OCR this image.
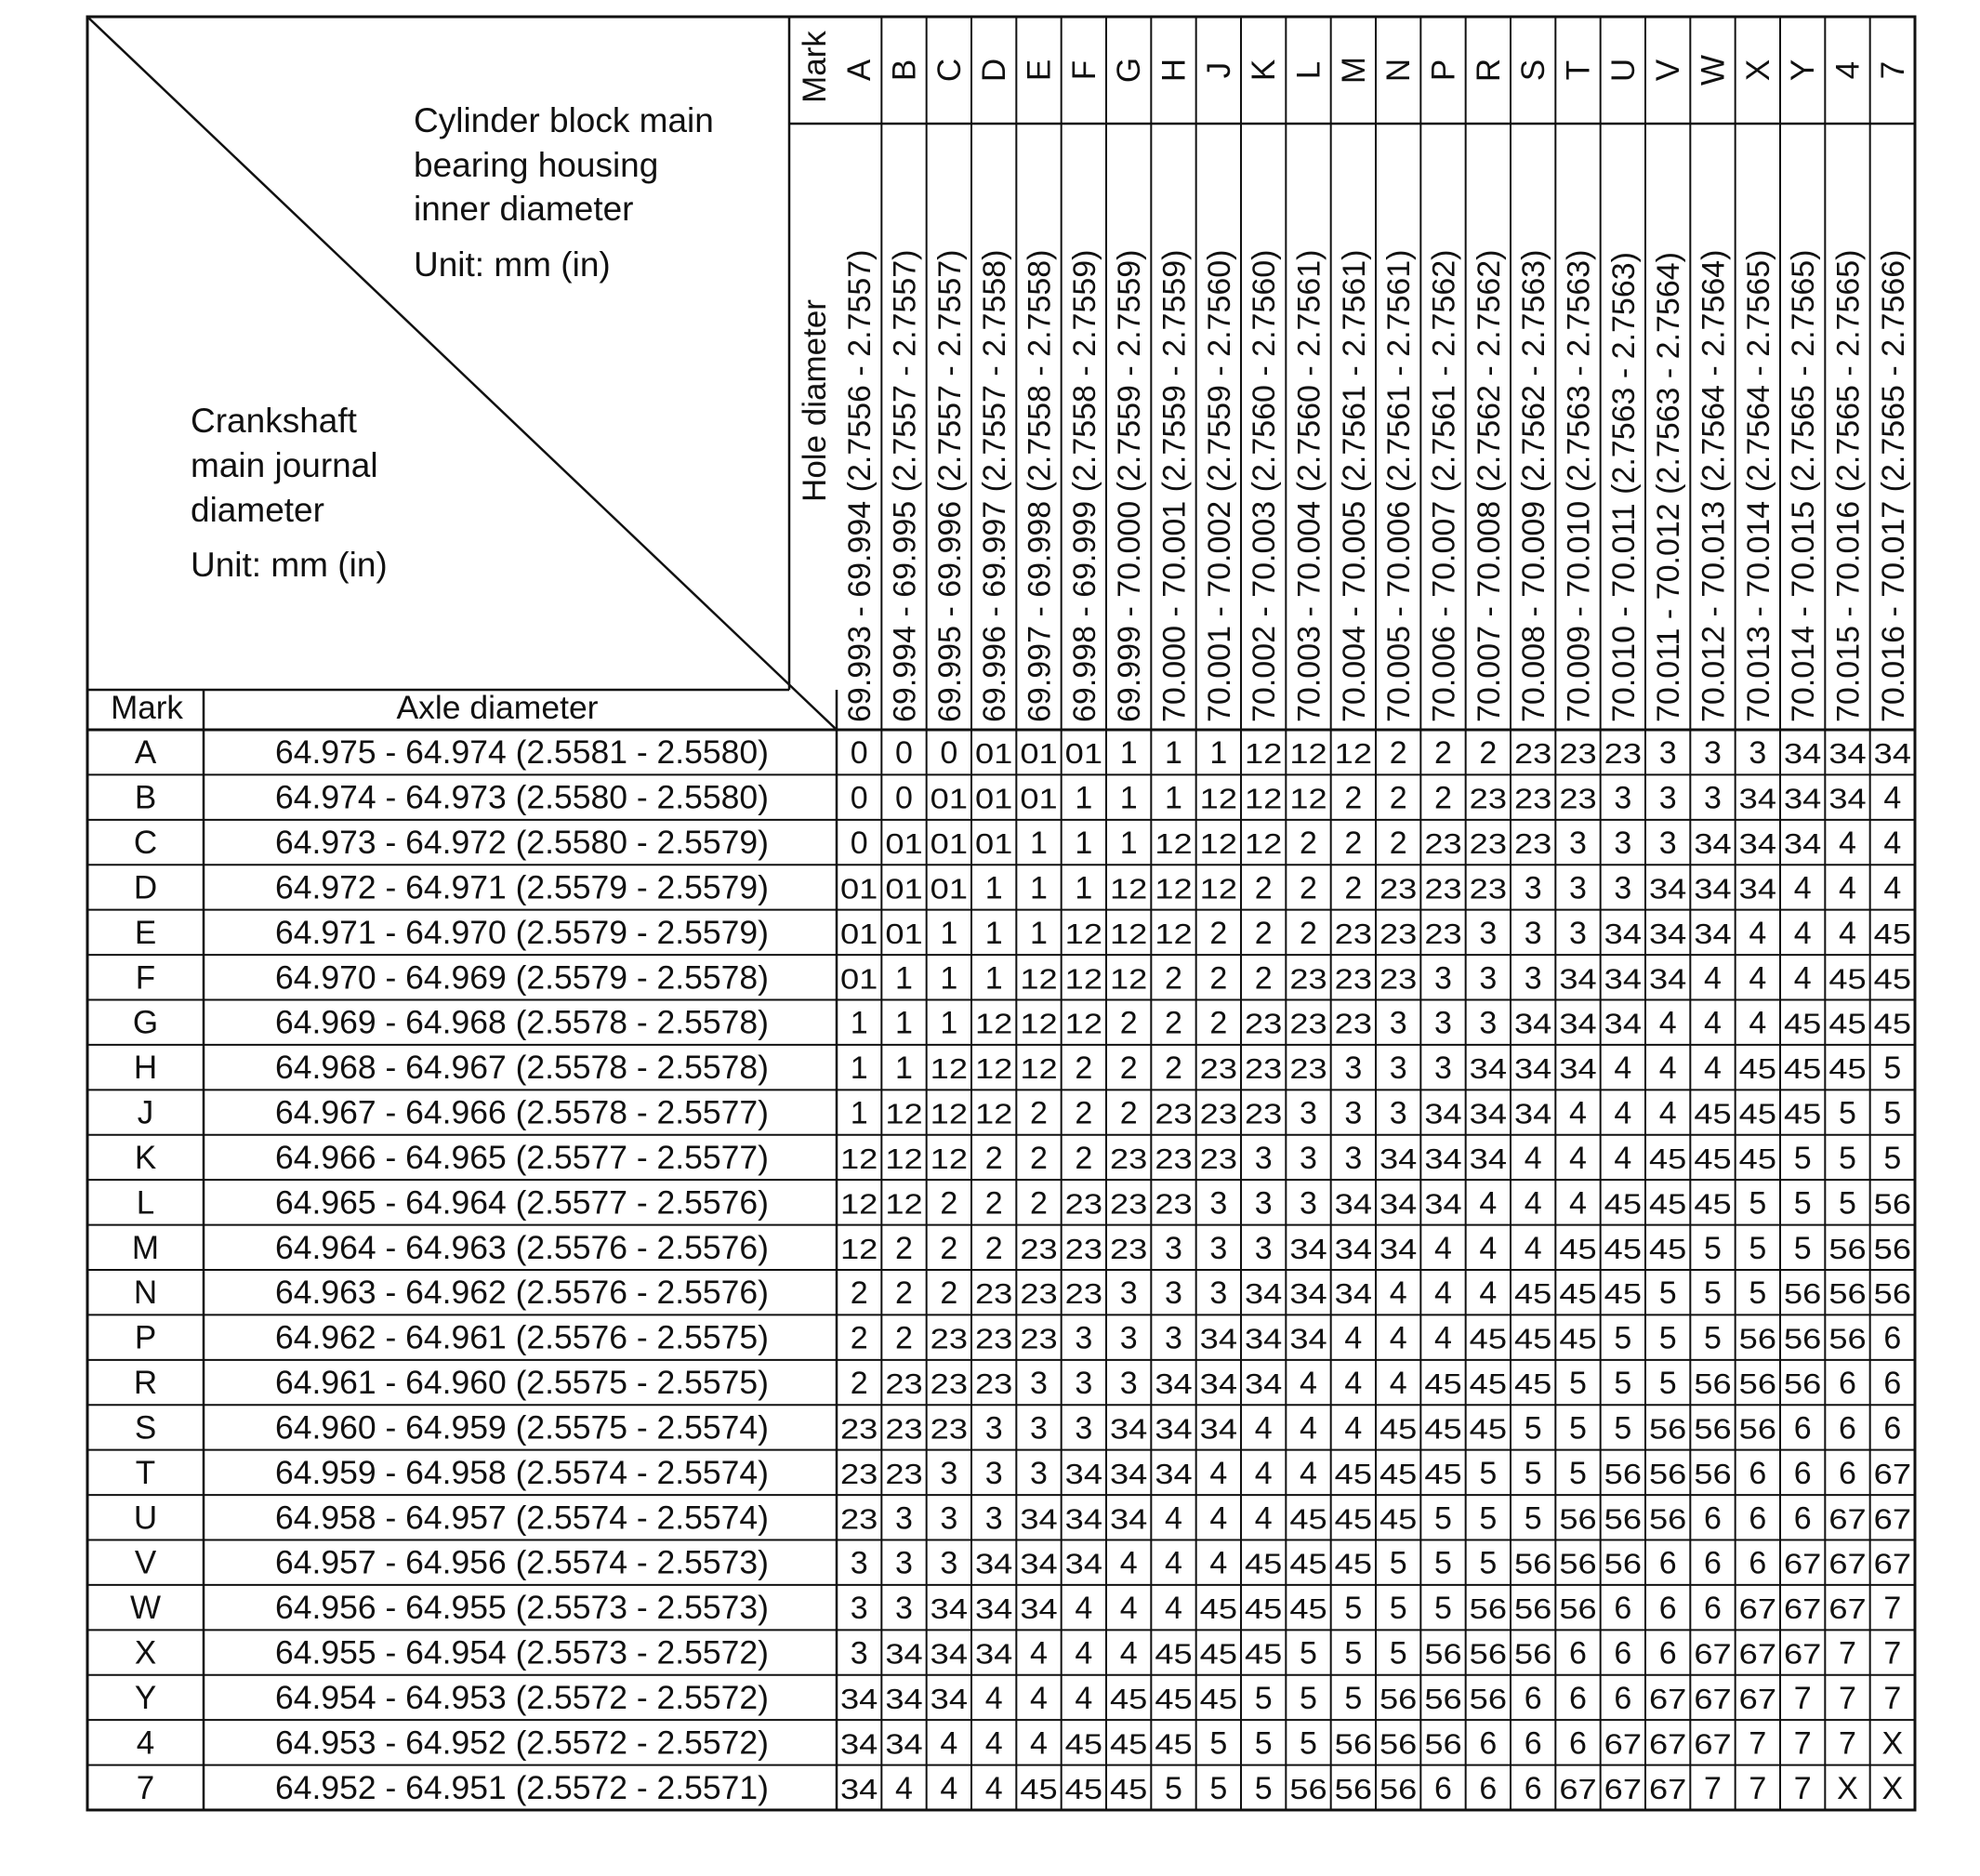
Cylinder block main
bearing housing
inner diameter
Unit: mm (in)
Crankshaft
main journal
diameter
Unit: mm (in)
Mark
Hole diameter
Mark	Axle diameter
A B C D E F G H J K L M N P R S T U V W X Y 4 7
69.993 - 69.994 (2.7556 - 2.7557) 69.994 - 69.995 (2.7557 - 2.7557) 69.995 - 69.996 (2.7557 - 2.7557) 69.996 - 69.997 (2.7557 - 2.7558) 69.997 - 69.998 (2.7558 - 2.7558) 69.998 - 69.999 (2.7558 - 2.7559) 69.999 - 70.000 (2.7559 - 2.7559) 70.000 - 70.001 (2.7559 - 2.7559) 70.001 - 70.002 (2.7559 - 2.7560) 70.002 - 70.003 (2.7560 - 2.7560) 70.003 - 70.004 (2.7560 - 2.7561) 70.004 - 70.005 (2.7561 - 2.7561) 70.005 - 70.006 (2.7561 - 2.7561) 70.006 - 70.007 (2.7561 - 2.7562) 70.007 - 70.008 (2.7562 - 2.7562) 70.008 - 70.009 (2.7562 - 2.7563) 70.009 - 70.010 (2.7563 - 2.7563) 70.010 - 70.011 (2.7563 - 2.7563) 70.011 - 70.012 (2.7563 - 2.7564) 70.012 - 70.013 (2.7564 - 2.7564) 70.013 - 70.014 (2.7564 - 2.7565) 70.014 - 70.015 (2.7565 - 2.7565) 70.015 - 70.016 (2.7565 - 2.7565) 70.016 - 70.017 (2.7565 - 2.7566)
A
B
C
D
E
F
G
H
J
K
L
M
N
P
R
S
T
U
V
W
X
Y
4
7
64.975 - 64.974 (2.5581 - 2.5580)
64.974 - 64.973 (2.5580 - 2.5580)
64.973 - 64.972 (2.5580 - 2.5579)
64.972 - 64.971 (2.5579 - 2.5579)
64.971 - 64.970 (2.5579 - 2.5579)
64.970 - 64.969 (2.5579 - 2.5578)
64.969 - 64.968 (2.5578 - 2.5578)
64.968 - 64.967 (2.5578 - 2.5578)
64.967 - 64.966 (2.5578 - 2.5577)
64.966 - 64.965 (2.5577 - 2.5577)
64.965 - 64.964 (2.5577 - 2.5576)
64.964 - 64.963 (2.5576 - 2.5576)
64.963 - 64.962 (2.5576 - 2.5576)
64.962 - 64.961 (2.5576 - 2.5575)
64.961 - 64.960 (2.5575 - 2.5575)
64.960 - 64.959 (2.5575 - 2.5574)
64.959 - 64.958 (2.5574 - 2.5574)
64.958 - 64.957 (2.5574 - 2.5574)
64.957 - 64.956 (2.5574 - 2.5573)
64.956 - 64.955 (2.5573 - 2.5573)
64.955 - 64.954 (2.5573 - 2.5572)
64.954 - 64.953 (2.5572 - 2.5572)
64.953 - 64.952 (2.5572 - 2.5572)
64.952 - 64.951 (2.5572 - 2.5571)
0 0 0 01 01 01 1 1 1 12 12 12 2 2 2 23 23 23 3 3 3 34 34 34
0 0 01 01 01 1 1 1 12 12 12 2 2 2 23 23 23 3 3 3 34 34 34 4
0 01 01 01 1 1 1 12 12 12 2 2 2 23 23 23 3 3 3 34 34 34 4 4
01 01 01 1 1 1 12 12 12 2 2 2 23 23 23 3 3 3 34 34 34 4 4 4
01 01 1 1 1 12 12 12 2 2 2 23 23 23 3 3 3 34 34 34 4 4 4 45
01 1 1 1 12 12 12 2 2 2 23 23 23 3 3 3 34 34 34 4 4 4 45 45
1 1 1 12 12 12 2 2 2 23 23 23 3 3 3 34 34 34 4 4 4 45 45 45
1 1 12 12 12 2 2 2 23 23 23 3 3 3 34 34 34 4 4 4 45 45 45 5
1 12 12 12 2 2 2 23 23 23 3 3 3 34 34 34 4 4 4 45 45 45 5 5
12 12 12 2 2 2 23 23 23 3 3 3 34 34 34 4 4 4 45 45 45 5 5 5
12 12 2 2 2 23 23 23 3 3 3 34 34 34 4 4 4 45 45 45 5 5 5 56
12 2 2 2 23 23 23 3 3 3 34 34 34 4 4 4 45 45 45 5 5 5 56 56
2 2 2 23 23 23 3 3 3 34 34 34 4 4 4 45 45 45 5 5 5 56 56 56
2 2 23 23 23 3 3 3 34 34 34 4 4 4 45 45 45 5 5 5 56 56 56 6
2 23 23 23 3 3 3 34 34 34 4 4 4 45 45 45 5 5 5 56 56 56 6 6
23 23 23 3 3 3 34 34 34 4 4 4 45 45 45 5 5 5 56 56 56 6 6 6
23 23 3 3 3 34 34 34 4 4 4 45 45 45 5 5 5 56 56 56 6 6 6 67
23 3 3 3 34 34 34 4 4 4 45 45 45 5 5 5 56 56 56 6 6 6 67 67
3 3 3 34 34 34 4 4 4 45 45 45 5 5 5 56 56 56 6 6 6 67 67 67
3 3 34 34 34 4 4 4 45 45 45 5 5 5 56 56 56 6 6 6 67 67 67 7
3 34 34 34 4 4 4 45 45 45 5 5 5 56 56 56 6 6 6 67 67 67 7 7
34 34 34 4 4 4 45 45 45 5 5 5 56 56 56 6 6 6 67 67 67 7 7 7
34 34 4 4 4 45 45 45 5 5 5 56 56 56 6 6 6 67 67 67 7 7 7 X
34 4 4 4 45 45 45 5 5 5 56 56 56 6 6 6 67 67 67 7 7 7 X X
